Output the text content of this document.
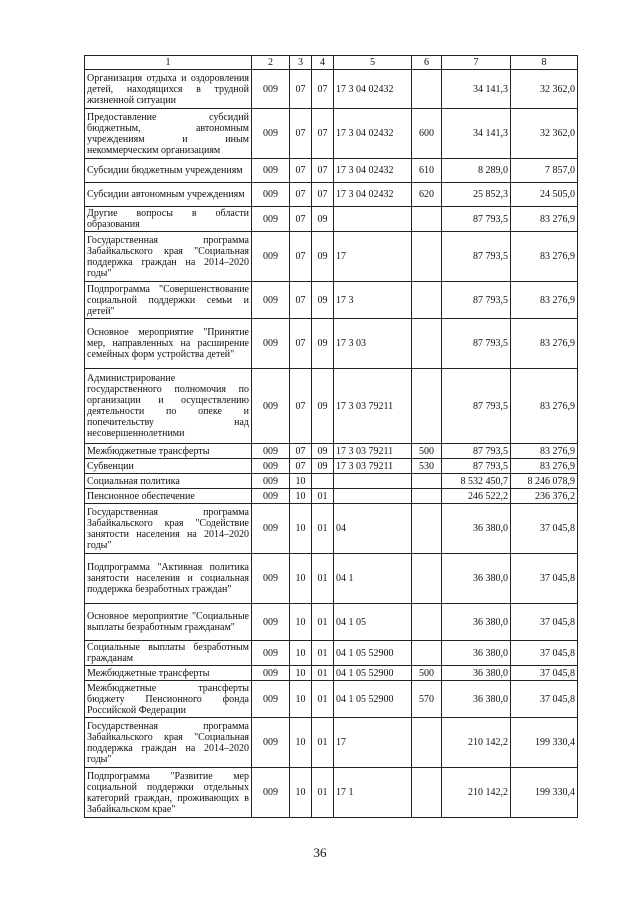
1	2	3	4	5	6	7	8
Организация отдыха и оздоровления детей, находящихся в трудной жизненной ситуации	009	07	07	17 3 04 02432		34 141,3	32 362,0
Предоставление субсидий бюджетным, автономным учреждениям и иным некоммерческим организациям	009	07	07	17 3 04 02432	600	34 141,3	32 362,0
Субсидии бюджетным учреждениям	009	07	07	17 3 04 02432	610	8 289,0	7 857,0
Субсидии автономным учреждениям	009	07	07	17 3 04 02432	620	25 852,3	24 505,0
Другие вопросы в области образования	009	07	09			87 793,5	83 276,9
Государственная программа Забайкальского края "Социальная поддержка граждан на 2014–2020 годы"	009	07	09	17		87 793,5	83 276,9
Подпрограмма "Совершенствование социальной поддержки семьи и детей"	009	07	09	17 3		87 793,5	83 276,9
Основное мероприятие "Принятие мер, направленных на расширение семейных форм устройства детей"	009	07	09	17 3 03		87 793,5	83 276,9
Администрирование государственного полномочия по организации и осуществлению деятельности по опеке и попечительству над несовершеннолетними	009	07	09	17 3 03 79211		87 793,5	83 276,9
Межбюджетные трансферты	009	07	09	17 3 03 79211	500	87 793,5	83 276,9
Субвенции	009	07	09	17 3 03 79211	530	87 793,5	83 276,9
Социальная политика	009	10				8 532 450,7	8 246 078,9
Пенсионное обеспечение	009	10	01			246 522,2	236 376,2
Государственная программа Забайкальского края "Содействие занятости населения на 2014–2020 годы"	009	10	01	04		36 380,0	37 045,8
Подпрограмма "Активная политика занятости населения и социальная поддержка безработных граждан"	009	10	01	04 1		36 380,0	37 045,8
Основное мероприятие "Социальные выплаты безработным гражданам"	009	10	01	04 1 05		36 380,0	37 045,8
Социальные выплаты безработным гражданам	009	10	01	04 1 05 52900		36 380,0	37 045,8
Межбюджетные трансферты	009	10	01	04 1 05 52900	500	36 380,0	37 045,8
Межбюджетные трансферты бюджету Пенсионного фонда Российской Федерации	009	10	01	04 1 05 52900	570	36 380,0	37 045,8
Государственная программа Забайкальского края "Социальная поддержка граждан на 2014–2020 годы"	009	10	01	17		210 142,2	199 330,4
Подпрограмма "Развитие мер социальной поддержки отдельных категорий граждан, проживающих в Забайкальском крае"	009	10	01	17 1		210 142,2	199 330,4
36
